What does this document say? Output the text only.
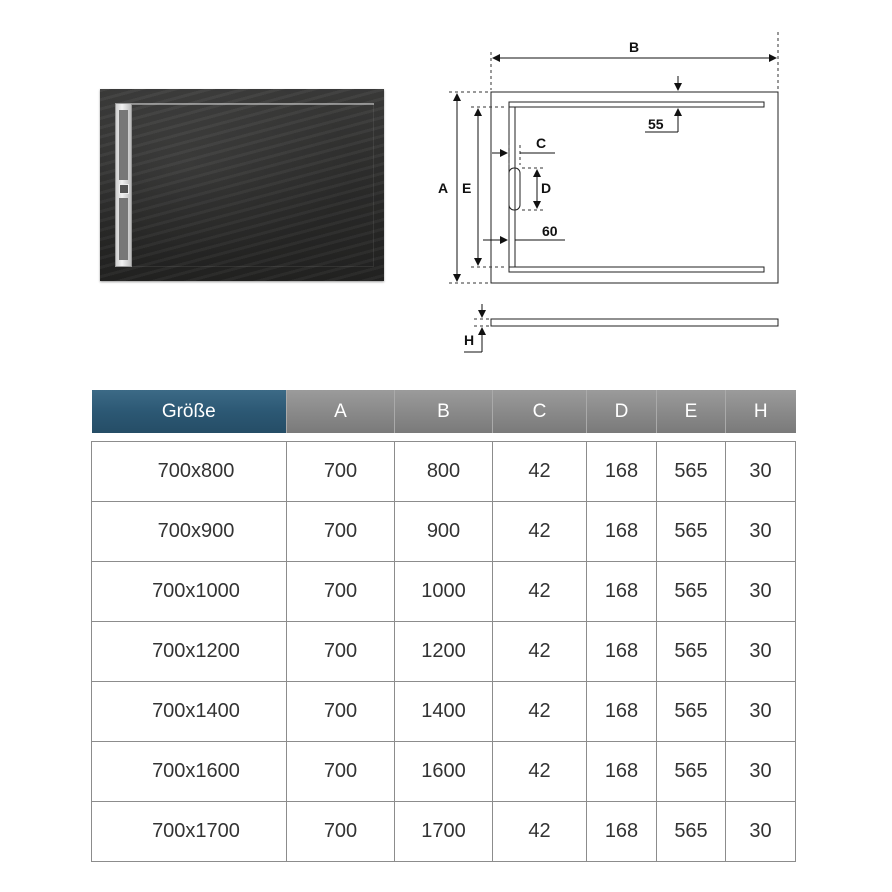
B
A E
55
C
D
60
H
Größe	A	B	C	D	E	H

700x800	700	800	42	168	565	30
700x900	700	900	42	168	565	30
700x1000	700	1000	42	168	565	30
700x1200	700	1200	42	168	565	30
700x1400	700	1400	42	168	565	30
700x1600	700	1600	42	168	565	30
700x1700	700	1700	42	168	565	30
